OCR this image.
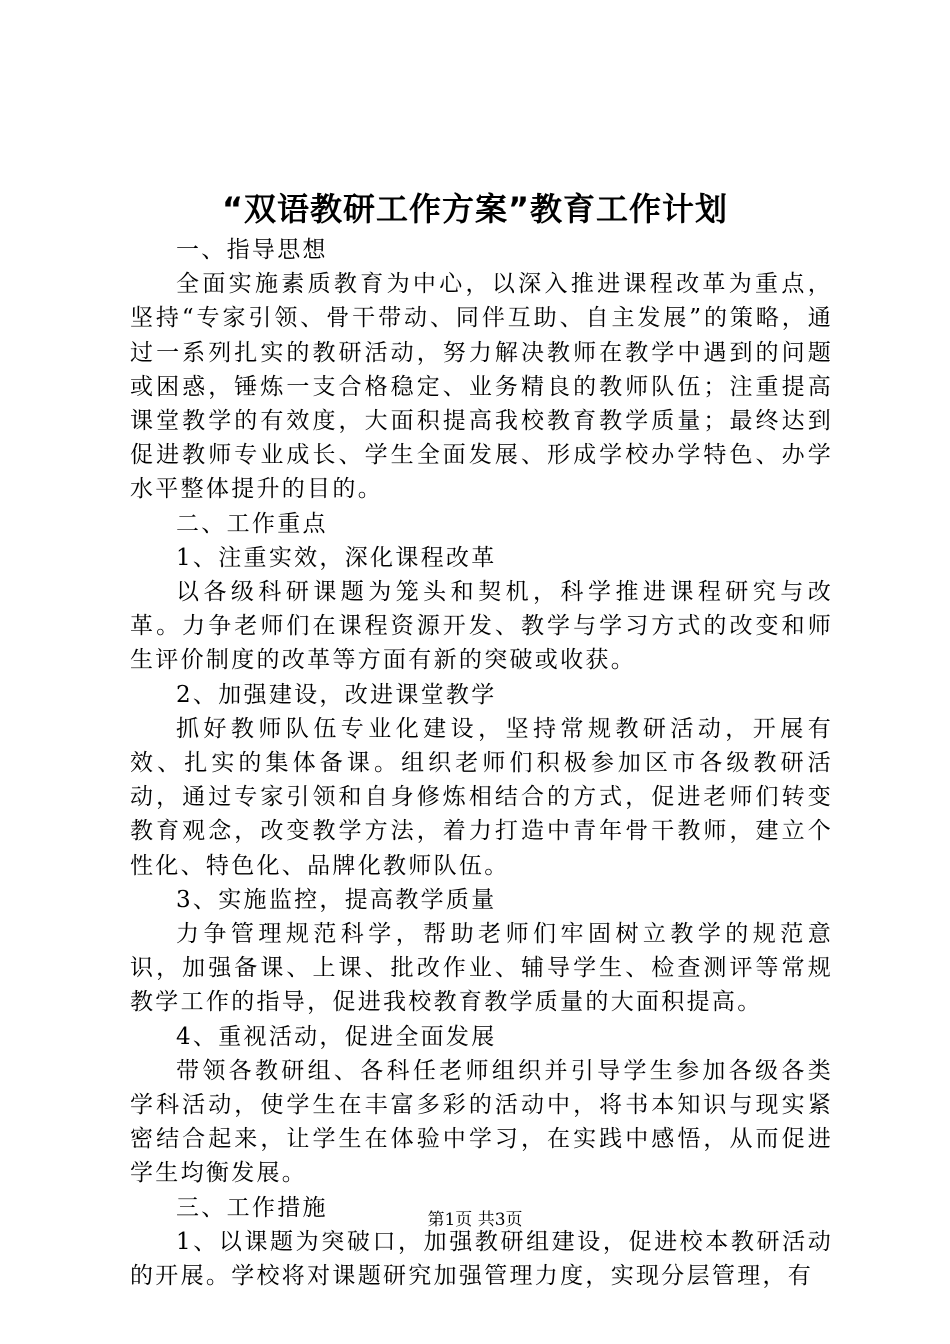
“双语教研工作方案”教育工作计划

一、指导思想

全面实施素质教育为中心，以深入推进课程改革为重点，坚持“专家引领、骨干带动、同伴互助、自主发展”的策略，通过一系列扎实的教研活动，努力解决教师在教学中遇到的问题或困惑，锤炼一支合格稳定、业务精良的教师队伍；注重提高课堂教学的有效度，大面积提高我校教育教学质量；最终达到促进教师专业成长、学生全面发展、形成学校办学特色、办学水平整体提升的目的。

二、工作重点

1、注重实效，深化课程改革

以各级科研课题为笼头和契机，科学推进课程研究与改革。力争老师们在课程资源开发、教学与学习方式的改变和师生评价制度的改革等方面有新的突破或收获。

2、加强建设，改进课堂教学

抓好教师队伍专业化建设，坚持常规教研活动，开展有效、扎实的集体备课。组织老师们积极参加区市各级教研活动，通过专家引领和自身修炼相结合的方式，促进老师们转变教育观念，改变教学方法，着力打造中青年骨干教师，建立个性化、特色化、品牌化教师队伍。

3、实施监控，提高教学质量

力争管理规范科学，帮助老师们牢固树立教学的规范意识，加强备课、上课、批改作业、辅导学生、检查测评等常规教学工作的指导，促进我校教育教学质量的大面积提高。

4、重视活动，促进全面发展

带领各教研组、各科任老师组织并引导学生参加各级各类学科活动，使学生在丰富多彩的活动中，将书本知识与现实紧密结合起来，让学生在体验中学习，在实践中感悟，从而促进学生均衡发展。

三、工作措施

1、以课题为突破口，加强教研组建设，促进校本教研活动的开展。学校将对课题研究加强管理力度，实现分层管理，有

第1页 共3页
